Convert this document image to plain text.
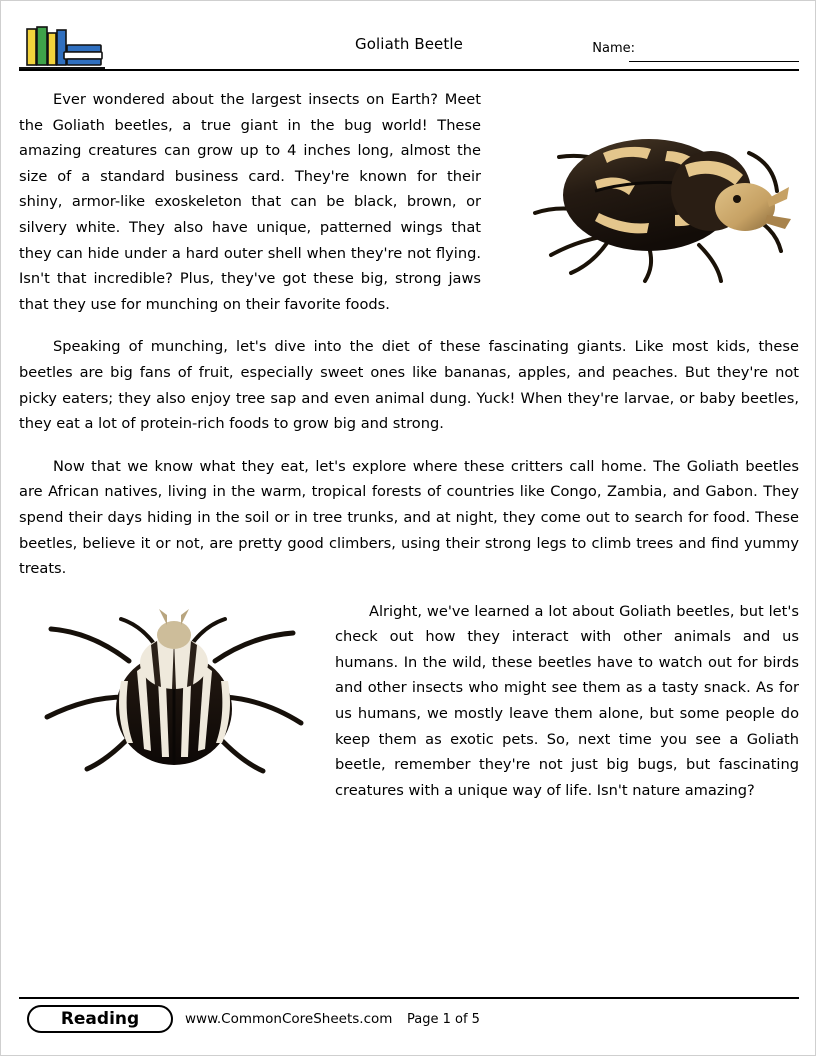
Goliath Beetle	Name:

Ever wondered about the largest insects on Earth? Meet the Goliath beetles, a true giant in the bug world! These amazing creatures can grow up to 4 inches long, almost the size of a standard business card. They're known for their shiny, armor-like exoskeleton that can be black, brown, or silvery white. They also have unique, patterned wings that they can hide under a hard outer shell when they're not flying. Isn't that incredible? Plus, they've got these big, strong jaws that they use for munching on their favorite foods.

Speaking of munching, let's dive into the diet of these fascinating giants. Like most kids, these beetles are big fans of fruit, especially sweet ones like bananas, apples, and peaches. But they're not picky eaters; they also enjoy tree sap and even animal dung. Yuck! When they're larvae, or baby beetles, they eat a lot of protein-rich foods to grow big and strong.

Now that we know what they eat, let's explore where these critters call home. The Goliath beetles are African natives, living in the warm, tropical forests of countries like Congo, Zambia, and Gabon. They spend their days hiding in the soil or in tree trunks, and at night, they come out to search for food. These beetles, believe it or not, are pretty good climbers, using their strong legs to climb trees and find yummy treats.

Alright, we've learned a lot about Goliath beetles, but let's check out how they interact with other animals and us humans. In the wild, these beetles have to watch out for birds and other insects who might see them as a tasty snack. As for us humans, we mostly leave them alone, but some people do keep them as exotic pets. So, next time you see a Goliath beetle, remember they're not just big bugs, but fascinating creatures with a unique way of life. Isn't nature amazing?

Reading	www.CommonCoreSheets.com Page 1 of 5
